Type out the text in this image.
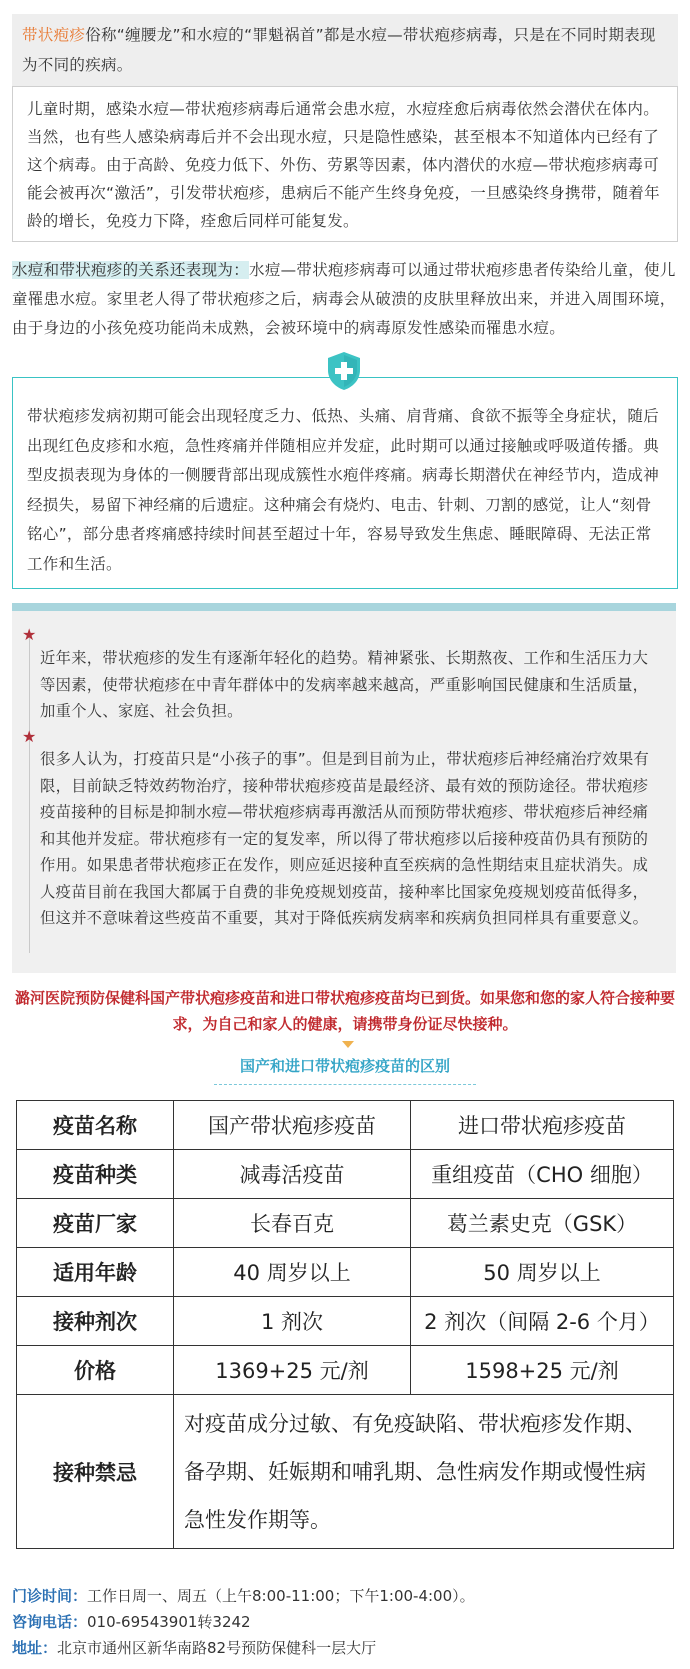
带状疱疹俗称“缠腰龙”和水痘的“罪魁祸首”都是水痘—带状疱疹病毒，只是在不同时期表现为不同的疾病。

儿童时期，感染水痘—带状疱疹病毒后通常会患水痘，水痘痊愈后病毒依然会潜伏在体内。当然，也有些人感染病毒后并不会出现水痘，只是隐性感染，甚至根本不知道体内已经有了这个病毒。由于高龄、免疫力低下、外伤、劳累等因素，体内潜伏的水痘—带状疱疹病毒可能会被再次“激活”，引发带状疱疹，患病后不能产生终身免疫，一旦感染终身携带，随着年龄的增长，免疫力下降，痊愈后同样可能复发。

水痘和带状疱疹的关系还表现为：水痘—带状疱疹病毒可以通过带状疱疹患者传染给儿童，使儿童罹患水痘。家里老人得了带状疱疹之后，病毒会从破溃的皮肤里释放出来，并进入周围环境，由于身边的小孩免疫功能尚未成熟，会被环境中的病毒原发性感染而罹患水痘。

带状疱疹发病初期可能会出现轻度乏力、低热、头痛、肩背痛、食欲不振等全身症状，随后出现红色皮疹和水疱，急性疼痛并伴随相应并发症，此时期可以通过接触或呼吸道传播。典型皮损表现为身体的一侧腰背部出现成簇性水疱伴疼痛。病毒长期潜伏在神经节内，造成神经损失，易留下神经痛的后遗症。这种痛会有烧灼、电击、针刺、刀割的感觉，让人“刻骨铭心”，部分患者疼痛感持续时间甚至超过十年，容易导致发生焦虑、睡眠障碍、无法正常工作和生活。

★
近年来，带状疱疹的发生有逐渐年轻化的趋势。精神紧张、长期熬夜、工作和生活压力大等因素，使带状疱疹在中青年群体中的发病率越来越高，严重影响国民健康和生活质量，加重个人、家庭、社会负担。
★
很多人认为，打疫苗只是“小孩子的事”。但是到目前为止，带状疱疹后神经痛治疗效果有限，目前缺乏特效药物治疗，接种带状疱疹疫苗是最经济、最有效的预防途径。带状疱疹疫苗接种的目标是抑制水痘—带状疱疹病毒再激活从而预防带状疱疹、带状疱疹后神经痛和其他并发症。带状疱疹有一定的复发率，所以得了带状疱疹以后接种疫苗仍具有预防的作用。如果患者带状疱疹正在发作，则应延迟接种直至疾病的急性期结束且症状消失。成人疫苗目前在我国大都属于自费的非免疫规划疫苗，接种率比国家免疫规划疫苗低得多，但这并不意味着这些疫苗不重要，其对于降低疾病发病率和疾病负担同样具有重要意义。
潞河医院预防保健科国产带状疱疹疫苗和进口带状疱疹疫苗均已到货。如果您和您的家人符合接种要求，为自己和家人的健康，请携带身份证尽快接种。
国产和进口带状疱疹疫苗的区别
疫苗名称	国产带状疱疹疫苗	进口带状疱疹疫苗
疫苗种类	减毒活疫苗	重组疫苗（CHO 细胞）
疫苗厂家	长春百克	葛兰素史克（GSK）
适用年龄	40 周岁以上	50 周岁以上
接种剂次	1 剂次	2 剂次（间隔 2-6 个月）
价格	1369+25 元/剂	1598+25 元/剂
接种禁忌	对疫苗成分过敏、有免疫缺陷、带状疱疹发作期、备孕期、妊娠期和哺乳期、急性病发作期或慢性病急性发作期等。	
门诊时间：工作日周一、周五（上午8:00-11:00；下午1:00-4:00）。
咨询电话：010-69543901转3242
地址：北京市通州区新华南路82号预防保健科一层大厅
